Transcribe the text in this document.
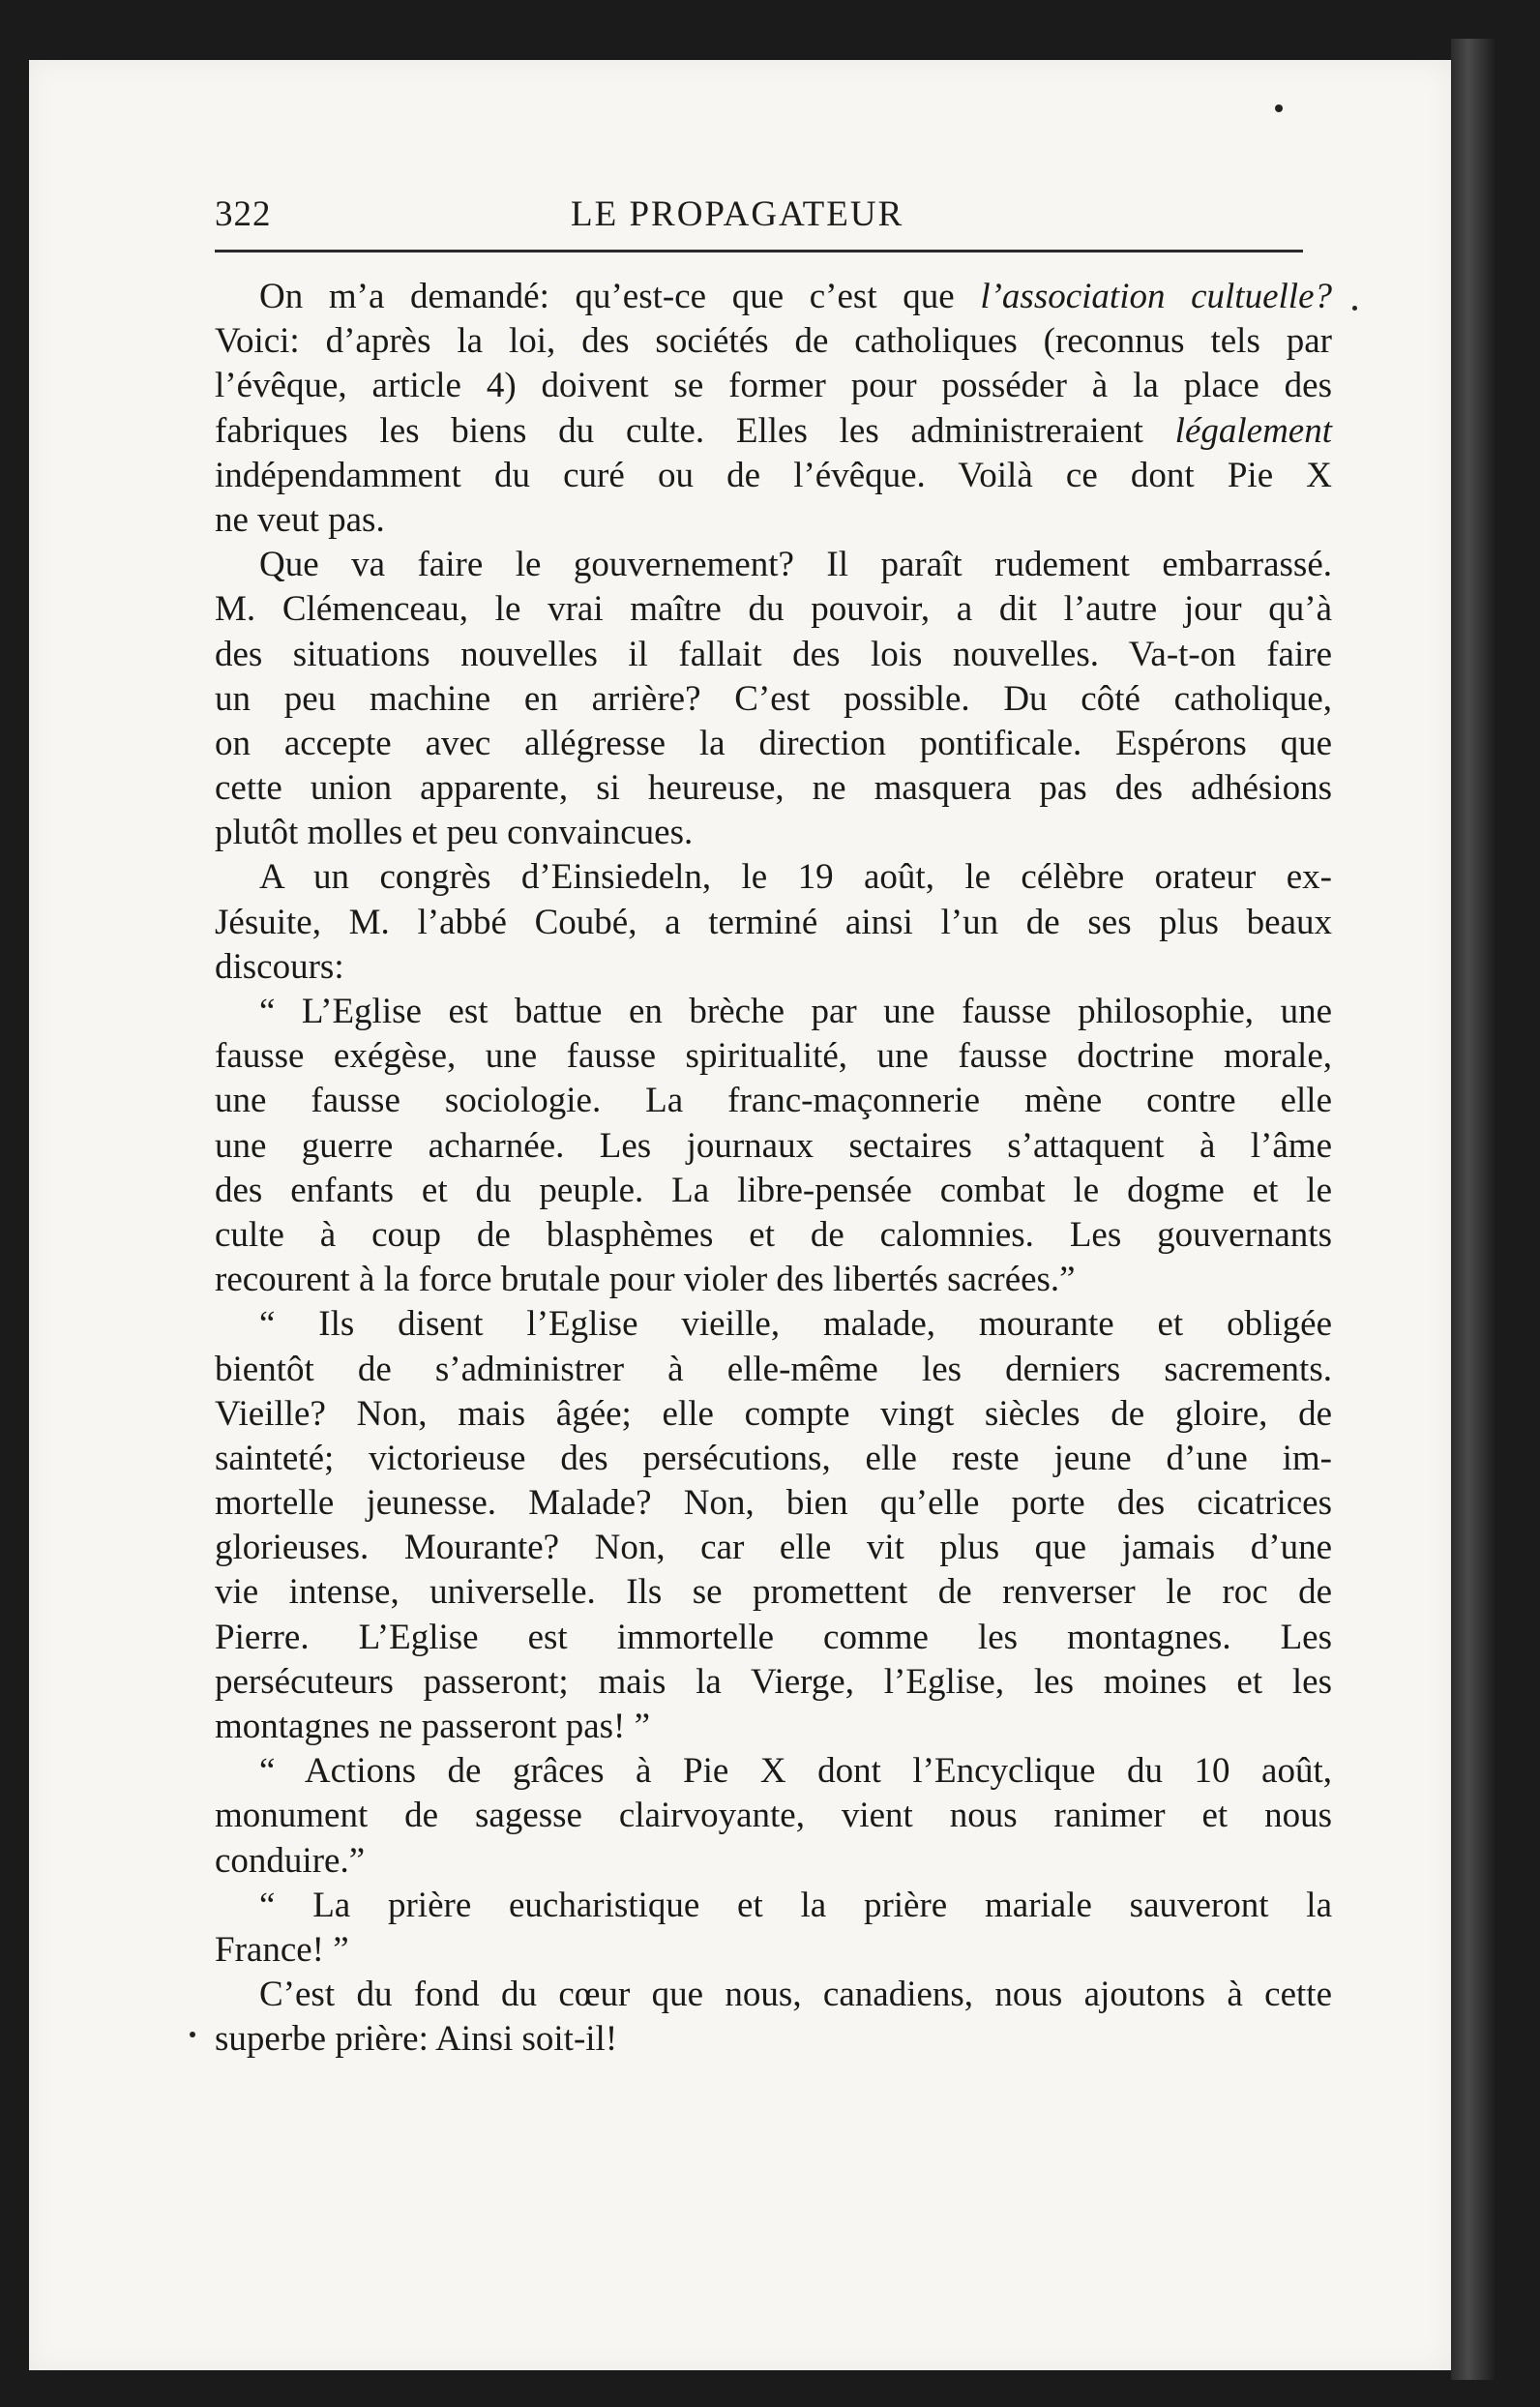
322	LE PROPAGATEUR
On m’a demandé: qu’est-ce que c’est que l’association cultuelle?
Voici: d’après la loi, des sociétés de catholiques (reconnus tels par
l’évêque, article 4) doivent se former pour posséder à la place des
fabriques les biens du culte. Elles les administreraient légalement
indépendamment du curé ou de l’évêque. Voilà ce dont Pie X
ne veut pas.
Que va faire le gouvernement? Il paraît rudement embarrassé.
M. Clémenceau, le vrai maître du pouvoir, a dit l’autre jour qu’à
des situations nouvelles il fallait des lois nouvelles. Va-t-on faire
un peu machine en arrière? C’est possible. Du côté catholique,
on accepte avec allégresse la direction pontificale. Espérons que
cette union apparente, si heureuse, ne masquera pas des adhésions
plutôt molles et peu convaincues.
A un congrès d’Einsiedeln, le 19 août, le célèbre orateur ex-
Jésuite, M. l’abbé Coubé, a terminé ainsi l’un de ses plus beaux
discours:
“ L’Eglise est battue en brèche par une fausse philosophie, une
fausse exégèse, une fausse spiritualité, une fausse doctrine morale,
une fausse sociologie. La franc-maçonnerie mène contre elle
une guerre acharnée. Les journaux sectaires s’attaquent à l’âme
des enfants et du peuple. La libre-pensée combat le dogme et le
culte à coup de blasphèmes et de calomnies. Les gouvernants
recourent à la force brutale pour violer des libertés sacrées.”
“ Ils disent l’Eglise vieille, malade, mourante et obligée
bientôt de s’administrer à elle-même les derniers sacrements.
Vieille? Non, mais âgée; elle compte vingt siècles de gloire, de
sainteté; victorieuse des persécutions, elle reste jeune d’une im-
mortelle jeunesse. Malade? Non, bien qu’elle porte des cicatrices
glorieuses. Mourante? Non, car elle vit plus que jamais d’une
vie intense, universelle. Ils se promettent de renverser le roc de
Pierre. L’Eglise est immortelle comme les montagnes. Les
persécuteurs passeront; mais la Vierge, l’Eglise, les moines et les
montagnes ne passeront pas! ”
“ Actions de grâces à Pie X dont l’Encyclique du 10 août,
monument de sagesse clairvoyante, vient nous ranimer et nous
conduire.”
“ La prière eucharistique et la prière mariale sauveront la
France! ”
C’est du fond du cœur que nous, canadiens, nous ajoutons à cette
superbe prière: Ainsi soit-il!
